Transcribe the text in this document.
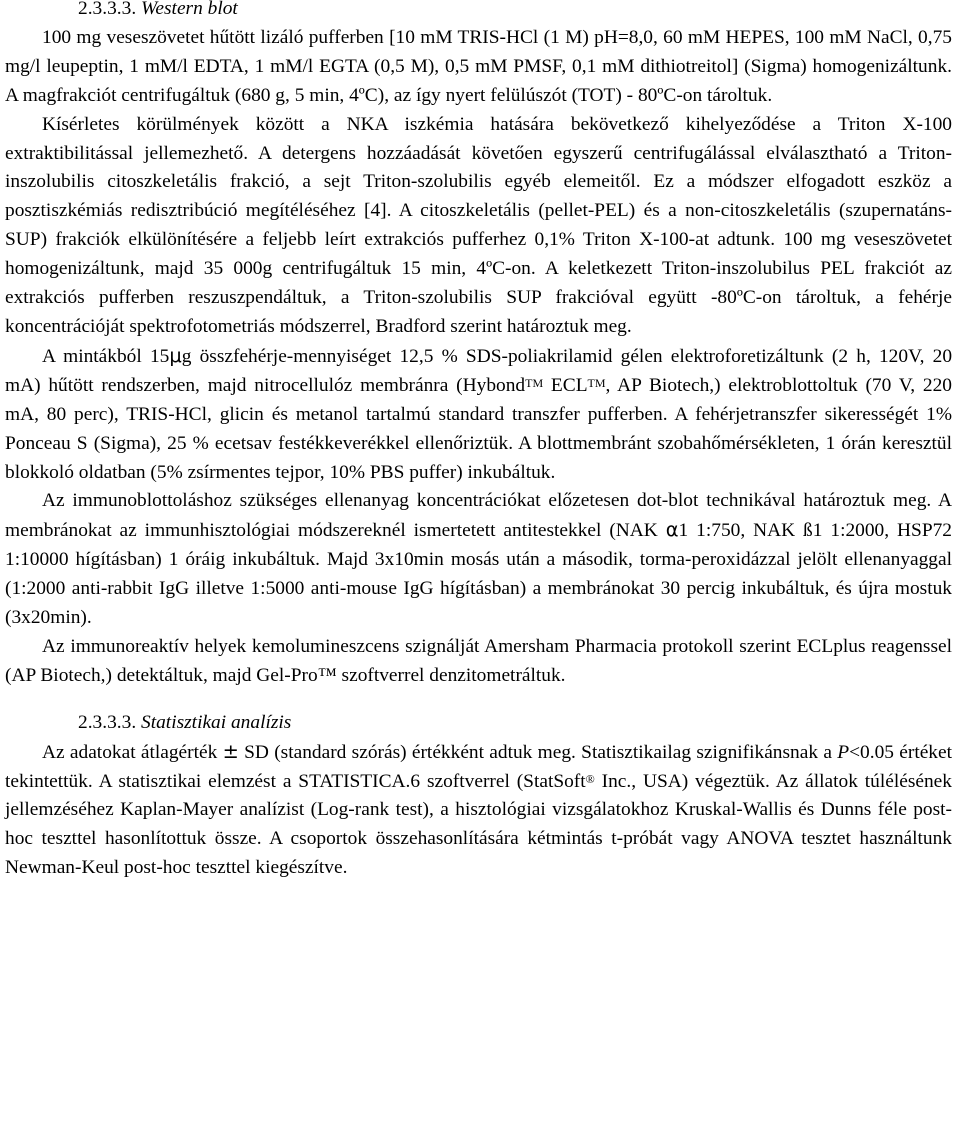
2.3.3.3. Western blot

100 mg veseszövetet hűtött lizáló pufferben [10 mM TRIS-HCl (1 M) pH=8,0, 60 mM HEPES, 100 mM NaCl, 0,75 mg/l leupeptin, 1 mM/l EDTA, 1 mM/l EGTA (0,5 M), 0,5 mM PMSF, 0,1 mM dithiotreitol] (Sigma) homogenizáltunk. A magfrakciót centrifugáltuk (680 g, 5 min, 4ºC), az így nyert felülúszót (TOT) - 80ºC-on tároltuk.

Kísérletes körülmények között a NKA iszkémia hatására bekövetkező kihelyeződése a Triton X-100 extraktibilitással jellemezhető. A detergens hozzáadását követően egyszerű centrifugálással elválasztható a Triton-inszolubilis citoszkeletális frakció, a sejt Triton-szolubilis egyéb elemeitől. Ez a módszer elfogadott eszköz a posztiszkémiás redisztribúció megítéléséhez [4]. A citoszkeletális (pellet-PEL) és a non-citoszkeletális (szupernatáns-SUP) frakciók elkülönítésére a feljebb leírt extrakciós pufferhez 0,1% Triton X-100-at adtunk. 100 mg veseszövetet homogenizáltunk, majd 35 000g centrifugáltuk 15 min, 4ºC-on. A keletkezett Triton-inszolubilus PEL frakciót az extrakciós pufferben reszuszpendáltuk, a Triton-szolubilis SUP frakcióval együtt -80ºC-on tároltuk, a fehérje koncentrációját spektrofotometriás módszerrel, Bradford szerint határoztuk meg.

A mintákból 15μg összfehérje-mennyiséget 12,5 % SDS-poliakrilamid gélen elektroforetizáltunk (2 h, 120V, 20 mA) hűtött rendszerben, majd nitrocellulóz membránra (Hybond™ ECL™, AP Biotech,) elektroblottoltuk (70 V, 220 mA, 80 perc), TRIS-HCl, glicin és metanol tartalmú standard transzfer pufferben. A fehérjetranszfer sikerességét 1% Ponceau S (Sigma), 25 % ecetsav festékkeverékkel ellenőriztük. A blottmembránt szobahőmérsékleten, 1 órán keresztül blokkoló oldatban (5% zsírmentes tejpor, 10% PBS puffer) inkubáltuk.

Az immunoblottoláshoz szükséges ellenanyag koncentrációkat előzetesen dot-blot technikával határoztuk meg. A membránokat az immunhisztológiai módszereknél ismertetett antitestekkel (NAK α1 1:750, NAK ß1 1:2000, HSP72 1:10000 hígításban) 1 óráig inkubáltuk. Majd 3x10min mosás után a második, torma-peroxidázzal jelölt ellenanyaggal (1:2000 anti-rabbit IgG illetve 1:5000 anti-mouse IgG hígításban) a membránokat 30 percig inkubáltuk, és újra mostuk (3x20min).

Az immunoreaktív helyek kemolumineszcens szignálját Amersham Pharmacia protokoll szerint ECLplus reagenssel (AP Biotech,) detektáltuk, majd Gel-Pro™ szoftverrel denzitometráltuk.

2.3.3.3. Statisztikai analízis

Az adatokat átlagérték ± SD (standard szórás) értékként adtuk meg. Statisztikailag szignifikánsnak a P<0.05 értéket tekintettük. A statisztikai elemzést a STATISTICA.6 szoftverrel (StatSoft® Inc., USA) végeztük. Az állatok túlélésének jellemzéséhez Kaplan-Mayer analízist (Log-rank test), a hisztológiai vizsgálatokhoz Kruskal-Wallis és Dunns féle post-hoc teszttel hasonlítottuk össze. A csoportok összehasonlítására kétmintás t-próbát vagy ANOVA tesztet használtunk Newman-Keul post-hoc teszttel kiegészítve.
